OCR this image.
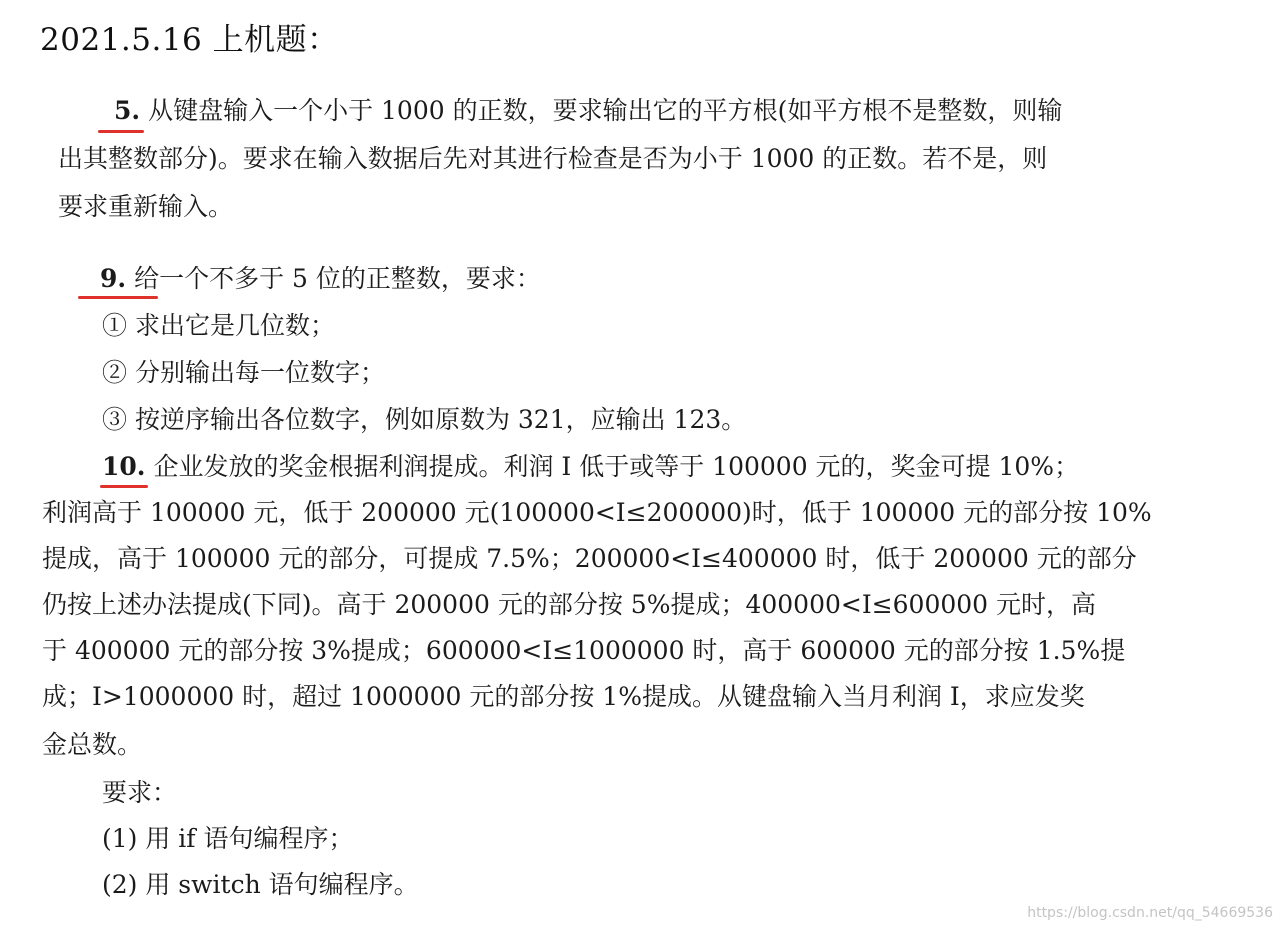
2021.5.16 上机题：
5. 从键盘输入一个小于 1000 的正数，要求输出它的平方根(如平方根不是整数，则输
出其整数部分)。要求在输入数据后先对其进行检查是否为小于 1000 的正数。若不是，则
要求重新输入。
9. 给一个不多于 5 位的正整数，要求：
① 求出它是几位数；
② 分别输出每一位数字；
③ 按逆序输出各位数字，例如原数为 321，应输出 123。
10. 企业发放的奖金根据利润提成。利润 I 低于或等于 100000 元的，奖金可提 10%；
利润高于 100000 元，低于 200000 元(100000<I≤200000)时，低于 100000 元的部分按 10%
提成，高于 100000 元的部分，可提成 7.5%；200000<I≤400000 时，低于 200000 元的部分
仍按上述办法提成(下同)。高于 200000 元的部分按 5%提成；400000<I≤600000 元时，高
于 400000 元的部分按 3%提成；600000<I≤1000000 时，高于 600000 元的部分按 1.5%提
成；I>1000000 时，超过 1000000 元的部分按 1%提成。从键盘输入当月利润 I，求应发奖
金总数。
要求：
(1) 用 if 语句编程序；
(2) 用 switch 语句编程序。
https://blog.csdn.net/qq_54669536
